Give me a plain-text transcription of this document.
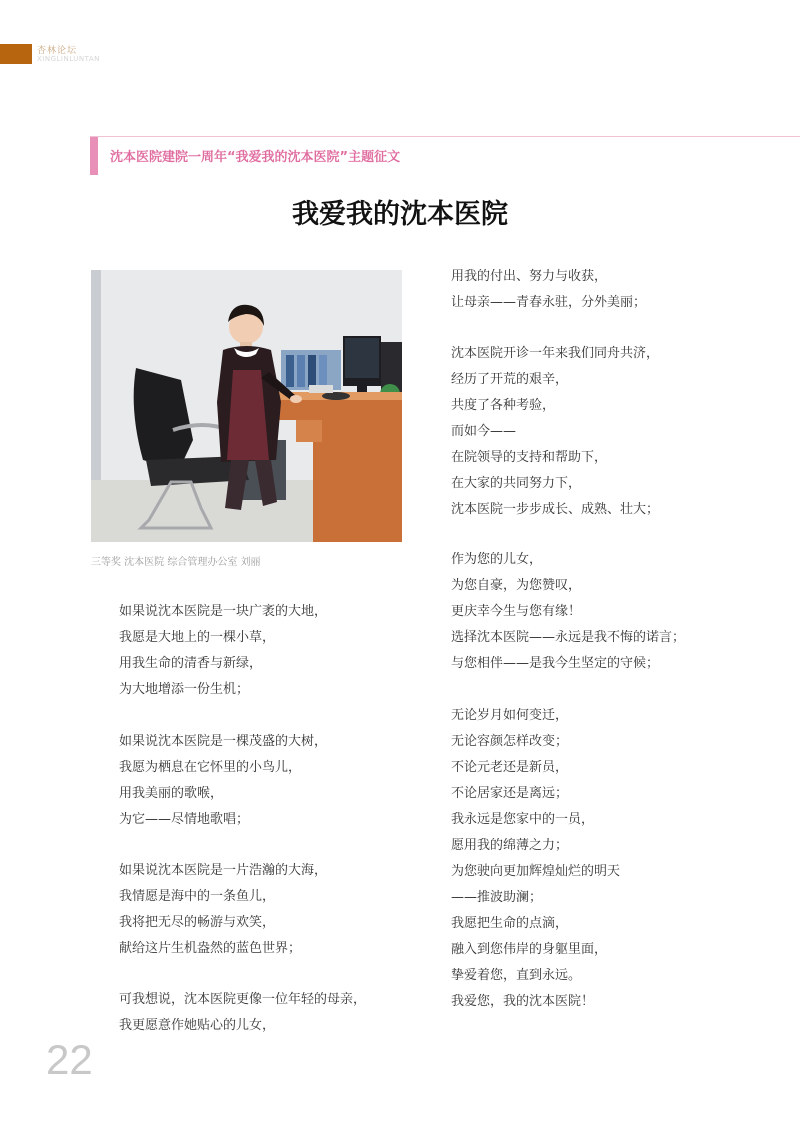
杏林论坛
XINGLINLUNTAN
沈本医院建院一周年“我爱我的沈本医院”主题征文
我爱我的沈本医院
三等奖 沈本医院 综合管理办公室 刘丽
如果说沈本医院是一块广袤的大地，
我愿是大地上的一棵小草，
用我生命的清香与新绿，
为大地增添一份生机；
如果说沈本医院是一棵茂盛的大树，
我愿为栖息在它怀里的小鸟儿，
用我美丽的歌喉，
为它——尽情地歌唱；
如果说沈本医院是一片浩瀚的大海，
我情愿是海中的一条鱼儿，
我将把无尽的畅游与欢笑，
献给这片生机盎然的蓝色世界；
可我想说，沈本医院更像一位年轻的母亲，
我更愿意作她贴心的儿女，
用我的付出、努力与收获，
让母亲——青春永驻，分外美丽；
沈本医院开诊一年来我们同舟共济，
经历了开荒的艰辛，
共度了各种考验，
而如今——
在院领导的支持和帮助下，
在大家的共同努力下，
沈本医院一步步成长、成熟、壮大；
作为您的儿女，
为您自豪，为您赞叹，
更庆幸今生与您有缘！
选择沈本医院——永远是我不悔的诺言；
与您相伴——是我今生坚定的守候；
无论岁月如何变迁，
无论容颜怎样改变；
不论元老还是新员，
不论居家还是离远；
我永远是您家中的一员，
愿用我的绵薄之力；
为您驶向更加辉煌灿烂的明天
——推波助澜；
我愿把生命的点滴，
融入到您伟岸的身躯里面，
挚爱着您，直到永远。
我爱您，我的沈本医院！
22
